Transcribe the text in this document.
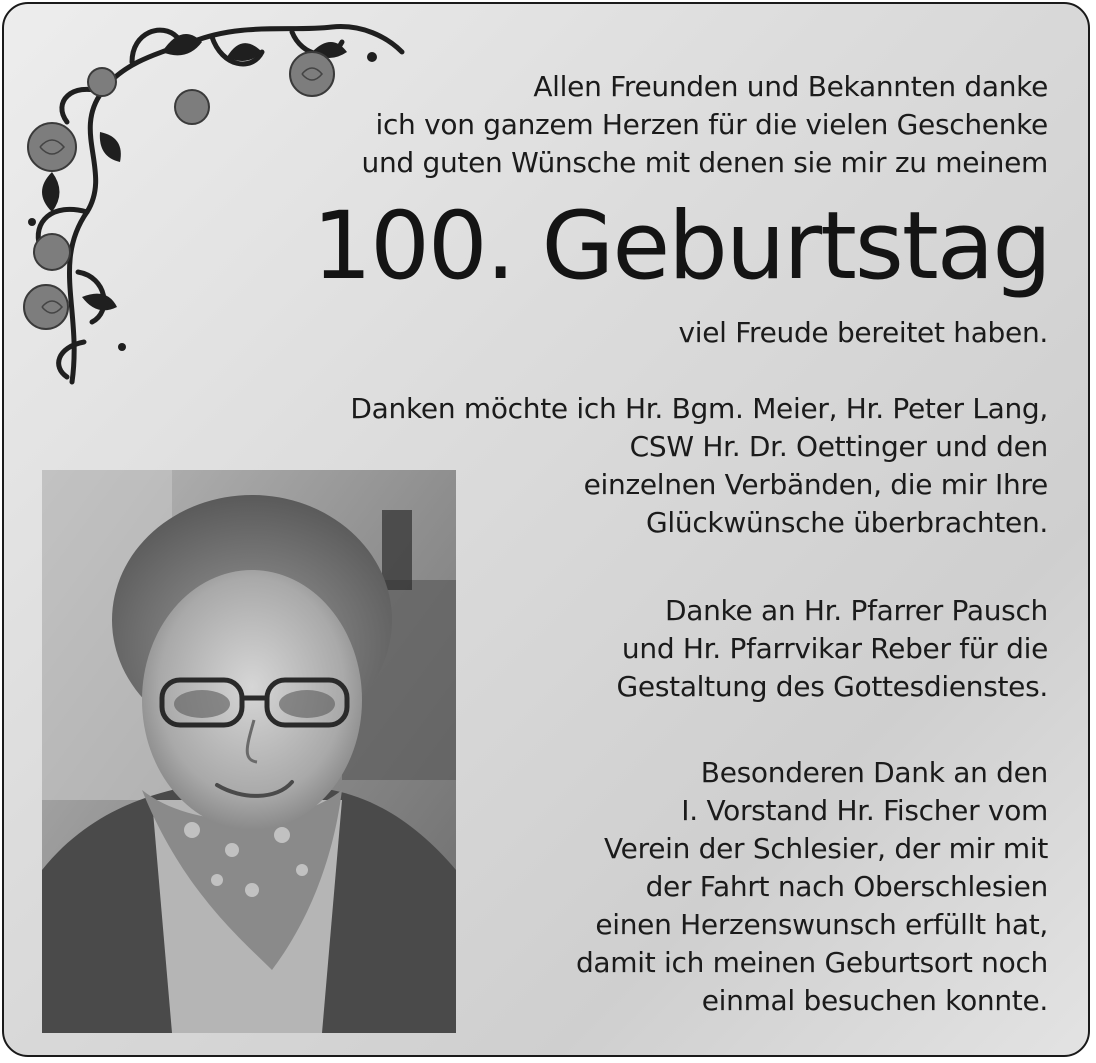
Allen Freunden und Bekannten danke
ich von ganzem Herzen für die vielen Geschenke
und guten Wünsche mit denen sie mir zu meinem
100. Geburtstag
viel Freude bereitet haben.
Danken möchte ich Hr. Bgm. Meier, Hr. Peter Lang,
CSW Hr. Dr. Oettinger und den
einzelnen Verbänden, die mir Ihre
Glückwünsche überbrachten.
Danke an Hr. Pfarrer Pausch
und Hr. Pfarrvikar Reber für die
Gestaltung des Gottesdienstes.
Besonderen Dank an den
I. Vorstand Hr. Fischer vom
Verein der Schlesier, der mir mit
der Fahrt nach Oberschlesien
einen Herzenswunsch erfüllt hat,
damit ich meinen Geburtsort noch
einmal besuchen konnte.
